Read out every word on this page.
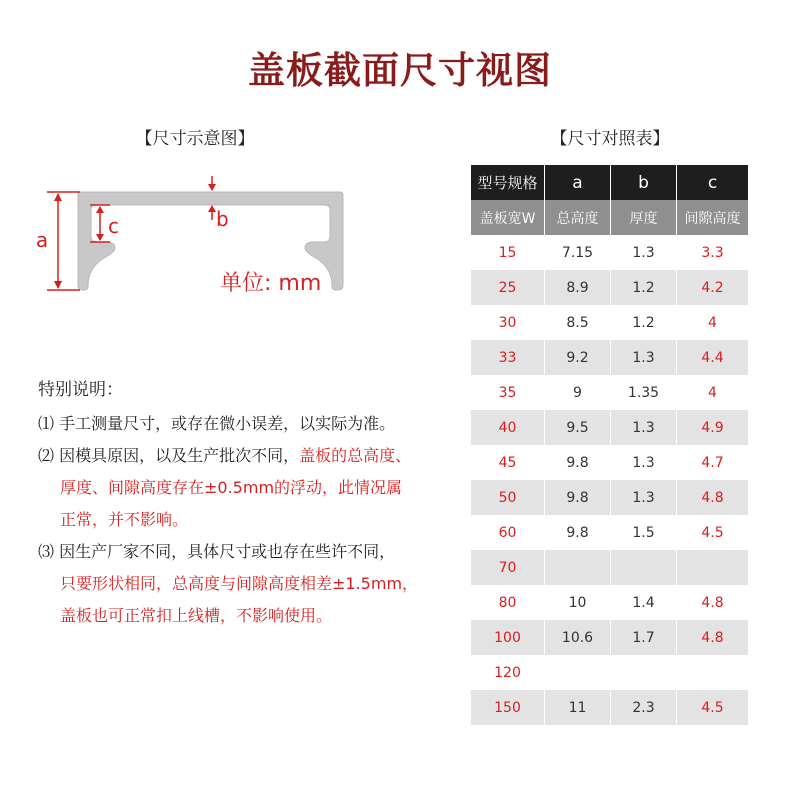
盖板截面尺寸视图
【尺寸示意图】	【尺寸对照表】
a
c	b
单位: mm
特别说明：
⑴ 手工测量尺寸，或存在微小误差，以实际为准。
⑵ 因模具原因，以及生产批次不同，盖板的总高度、
厚度、间隙高度存在±0.5mm的浮动，此情况属
正常，并不影响。
⑶ 因生产厂家不同，具体尺寸或也存在些许不同，
只要形状相同，总高度与间隙高度相差±1.5mm，
盖板也可正常扣上线槽，不影响使用。
型号规格	a	b	c
盖板宽W	总高度	厚度	间隙高度
15	7.15	1.3	3.3
25	8.9	1.2	4.2
30	8.5	1.2	4
33	9.2	1.3	4.4
35	9	1.35	4
40	9.5	1.3	4.9
45	9.8	1.3	4.7
50	9.8	1.3	4.8
60	9.8	1.5	4.5
70			
80	10	1.4	4.8
100	10.6	1.7	4.8
120			
150	11	2.3	4.5
